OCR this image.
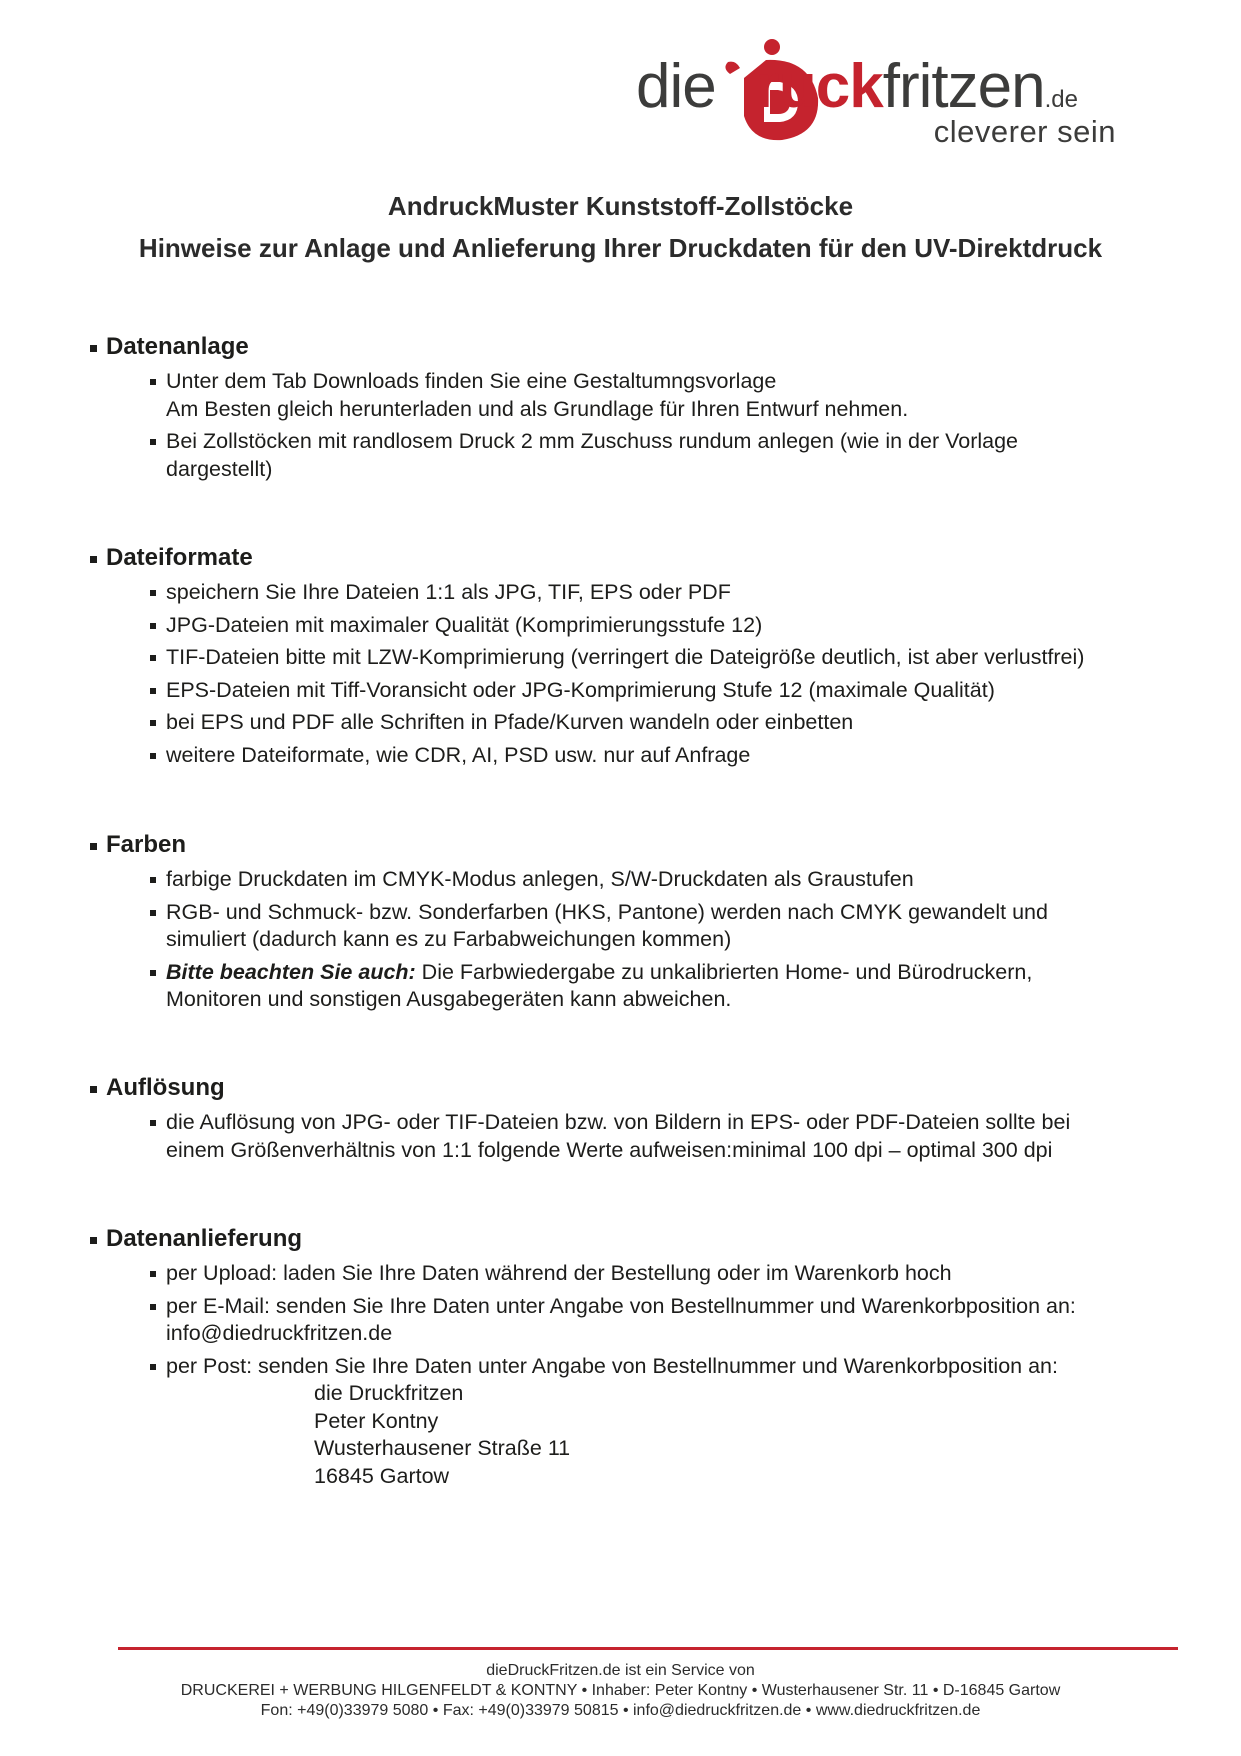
die ruckfritzen.de
cleverer sein
AndruckMuster Kunststoff-Zollstöcke
Hinweise zur Anlage und Anlieferung Ihrer Druckdaten für den UV-Direktdruck
Datenanlage
Unter dem Tab Downloads finden Sie eine Gestaltumngsvorlage
Am Besten gleich herunterladen und als Grundlage für Ihren Entwurf nehmen.
Bei Zollstöcken mit randlosem Druck 2 mm Zuschuss rundum anlegen (wie in der Vorlage
dargestellt)
Dateiformate
speichern Sie Ihre Dateien 1:1 als JPG, TIF, EPS oder PDF
JPG-Dateien mit maximaler Qualität (Komprimierungsstufe 12)
TIF-Dateien bitte mit LZW-Komprimierung (verringert die Dateigröße deutlich, ist aber verlustfrei)
EPS-Dateien mit Tiff-Voransicht oder JPG-Komprimierung Stufe 12 (maximale Qualität)
bei EPS und PDF alle Schriften in Pfade/Kurven wandeln oder einbetten
weitere Dateiformate, wie CDR, AI, PSD usw. nur auf Anfrage
Farben
farbige Druckdaten im CMYK-Modus anlegen, S/W-Druckdaten als Graustufen
RGB- und Schmuck- bzw. Sonderfarben (HKS, Pantone) werden nach CMYK gewandelt und
simuliert (dadurch kann es zu Farbabweichungen kommen)
Bitte beachten Sie auch: Die Farbwiedergabe zu unkalibrierten Home- und Bürodruckern,
Monitoren und sonstigen Ausgabegeräten kann abweichen.
Auflösung
die Auflösung von JPG- oder TIF-Dateien bzw. von Bildern in EPS- oder PDF-Dateien sollte bei
einem Größenverhältnis von 1:1 folgende Werte aufweisen:minimal 100 dpi – optimal 300 dpi
Datenanlieferung
per Upload: laden Sie Ihre Daten während der Bestellung oder im Warenkorb hoch
per E-Mail: senden Sie Ihre Daten unter Angabe von Bestellnummer und Warenkorbposition an:
info@diedruckfritzen.de
per Post: senden Sie Ihre Daten unter Angabe von Bestellnummer und Warenkorbposition an:
die Druckfritzen
Peter Kontny
Wusterhausener Straße 11
16845 Gartow
dieDruckFritzen.de ist ein Service von
DRUCKEREI + WERBUNG HILGENFELDT & KONTNY • Inhaber: Peter Kontny • Wusterhausener Str. 11 • D-16845 Gartow
Fon: +49(0)33979 5080 • Fax: +49(0)33979 50815 • info@diedruckfritzen.de • www.diedruckfritzen.de
